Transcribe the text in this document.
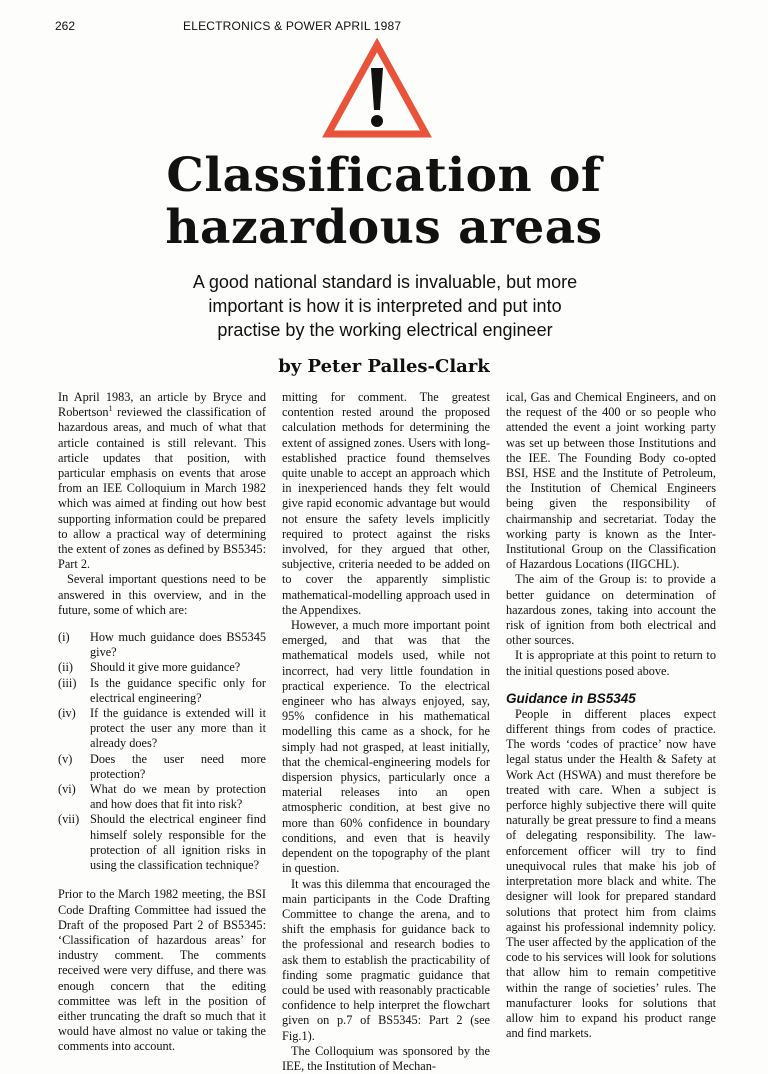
262	ELECTRONICS & POWER APRIL 1987
Classification of
hazardous areas
A good national standard is invaluable, but more
important is how it is interpreted and put into
practise by the working electrical engineer
by Peter Palles-Clark

In April 1983, an article by Bryce and Robertson$^1$ reviewed the classification of hazardous areas, and much of what that article contained is still relevant. This article updates that position, with particular emphasis on events that arose from an IEE Colloquium in March 1982 which was aimed at finding out how best supporting information could be prepared to allow a practical way of determining the extent of zones as defined by BS5345: Part 2.

Several important questions need to be answered in this overview, and in the future, some of which are:

(i)	How much guidance does BS5345 give?
(ii)	Should it give more guidance?
(iii)	Is the guidance specific only for electrical engineering?
(iv)	If the guidance is extended will it protect the user any more than it already does?
(v)	Does the user need more protection?
(vi)	What do we mean by protection and how does that fit into risk?
(vii) Should the electrical engineer find himself solely responsible for the protection of all ignition risks in using the classification technique?

Prior to the March 1982 meeting, the BSI Code Drafting Committee had issued the Draft of the proposed Part 2 of BS5345: ‘Classification of hazardous areas’ for industry comment. The comments received were very diffuse, and there was enough concern that the editing committee was left in the position of either truncating the draft so much that it would have almost no value or taking the comments into account.

mitting for comment. The greatest contention rested around the proposed calculation methods for determining the extent of assigned zones. Users with long-established practice found themselves quite unable to accept an approach which in inexperienced hands they felt would give rapid economic advantage but would not ensure the safety levels implicitly required to protect against the risks involved, for they argued that other, subjective, criteria needed to be added on to cover the apparently simplistic mathematical-modelling approach used in the Appendixes.

However, a much more important point emerged, and that was that the mathematical models used, while not incorrect, had very little foundation in practical experience. To the electrical engineer who has always enjoyed, say, 95% confidence in his mathematical modelling this came as a shock, for he simply had not grasped, at least initially, that the chemical-engineering models for dispersion physics, particularly once a material releases into an open atmospheric condition, at best give no more than 60% confidence in boundary conditions, and even that is heavily dependent on the topography of the plant in question.

It was this dilemma that encouraged the main participants in the Code Drafting Committee to change the arena, and to shift the emphasis for guidance back to the professional and research bodies to ask them to establish the practicability of finding some pragmatic guidance that could be used with reasonably practicable confidence to help interpret the flowchart given on p.7 of BS5345: Part 2 (see Fig.1).

The Colloquium was sponsored by the IEE, the Institution of Mechan-

ical, Gas and Chemical Engineers, and on the request of the 400 or so people who attended the event a joint working party was set up between those Institutions and the IEE. The Founding Body co-opted BSI, HSE and the Institute of Petroleum, the Institution of Chemical Engineers being given the responsibility of chairmanship and secretariat. Today the working party is known as the Inter-Institutional Group on the Classification of Hazardous Locations (IIGCHL).

The aim of the Group is: to provide a better guidance on determination of hazardous zones, taking into account the risk of ignition from both electrical and other sources.

It is appropriate at this point to return to the initial questions posed above.

Guidance in BS5345

People in different places expect different things from codes of practice. The words ‘codes of practice’ now have legal status under the Health & Safety at Work Act (HSWA) and must therefore be treated with care. When a subject is perforce highly subjective there will quite naturally be great pressure to find a means of delegating responsibility. The law-enforcement officer will try to find unequivocal rules that make his job of interpretation more black and white. The designer will look for prepared standard solutions that protect him from claims against his professional indemnity policy. The user affected by the application of the code to his services will look for solutions that allow him to remain competitive within the range of societies’ rules. The manufacturer looks for solutions that allow him to expand his product range and find markets.
